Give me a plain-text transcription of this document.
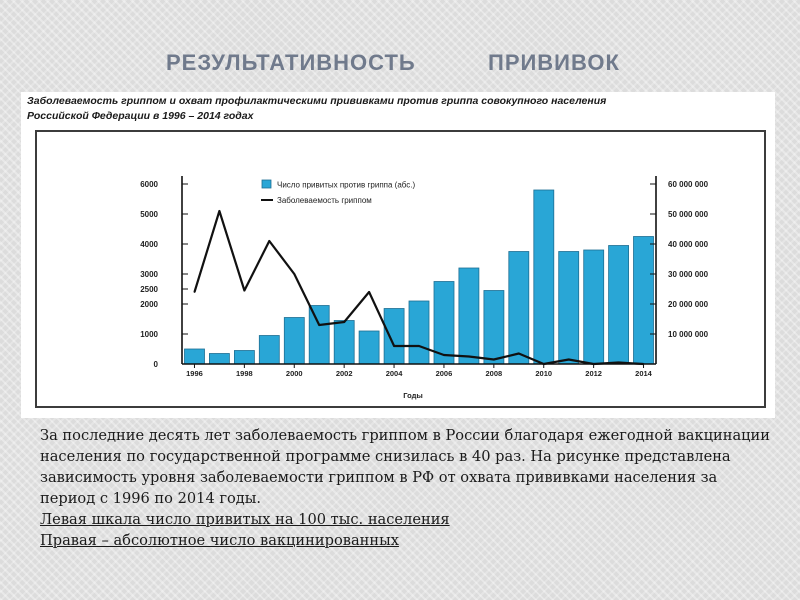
РЕЗУЛЬТАТИВНОСТЬ	ПРИВИВОК
Заболеваемость гриппом и охват профилактическими прививками против гриппа совокупного населения
Российской Федерации в 1996 – 2014 годах
0
1000
2000
2500
3000
4000
5000
6000
10 000 000
20 000 000
30 000 000
40 000 000
50 000 000
60 000 000
1996	1998	2000	2002	2004	2006	2008	2010	2012	2014
Годы
Число привитых против гриппа (абс.)
Заболеваемость гриппом

За последние десять лет заболеваемость гриппом в России благодаря ежегодной вакцинации населения по государственной программе снизилась в 40 раз. На рисунке представлена зависимость уровня заболеваемости гриппом в РФ от охвата прививками населения за период с 1996 по 2014 годы.

Левая шкала число привитых на 100 тыс. населения

Правая – абсолютное число вакцинированных
